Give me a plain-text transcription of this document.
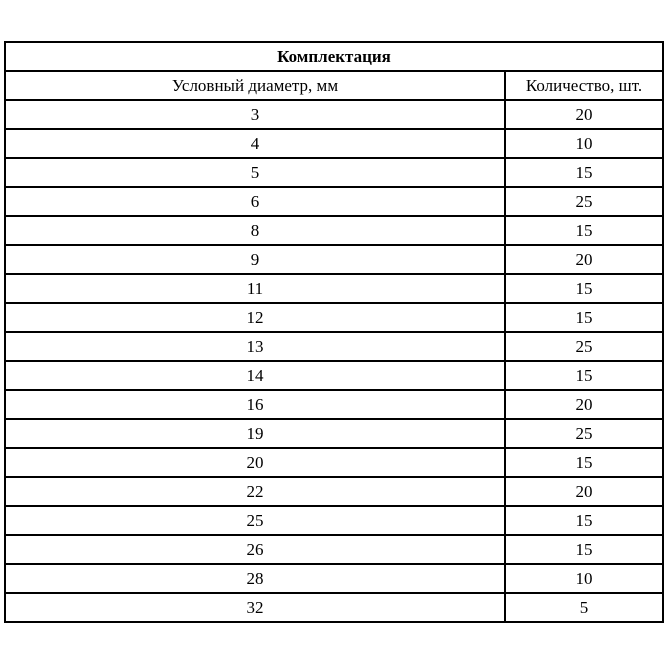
Комплектация	
Условный диаметр, мм	Количество, шт.
3	20
4	10
5	15
6	25
8	15
9	20
11	15
12	15
13	25
14	15
16	20
19	25
20	15
22	20
25	15
26	15
28	10
32	5
